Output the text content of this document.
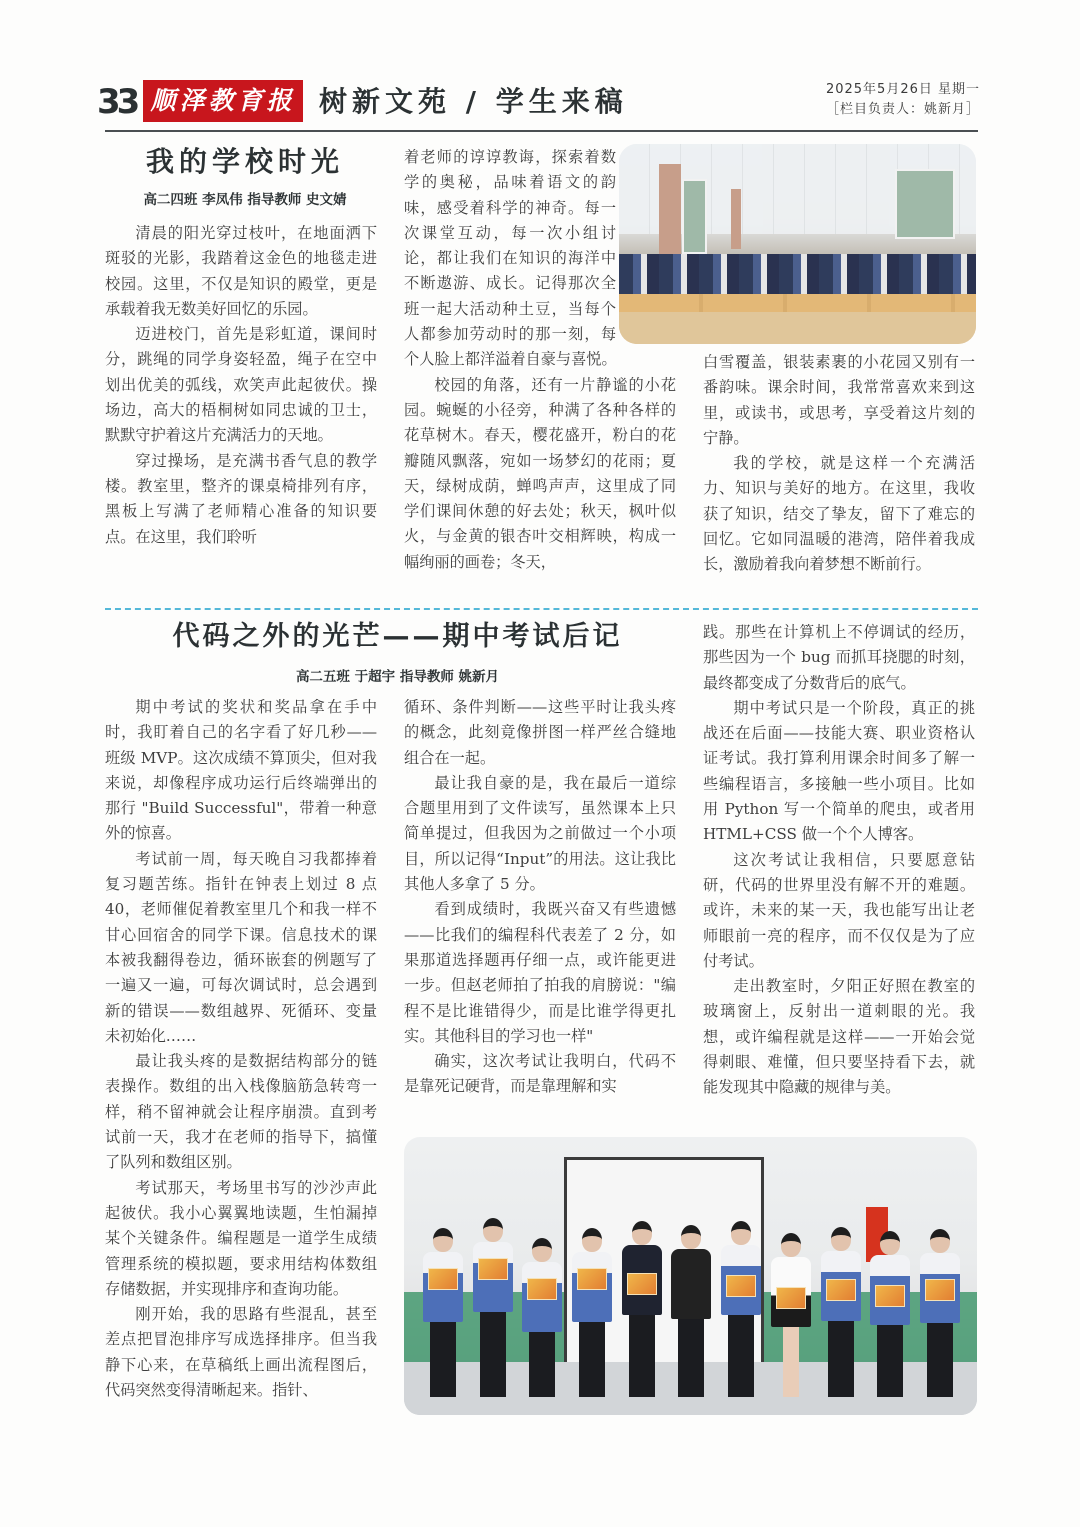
33 顺泽教育报 树新文苑 / 学生来稿	2025年5月26日 星期一
［栏目负责人：姚新月］
我的学校时光
高二四班 李凤伟 指导教师 史文婧

清晨的阳光穿过枝叶，在地面洒下斑驳的光影，我踏着这金色的地毯走进校园。这里，不仅是知识的殿堂，更是承载着我无数美好回忆的乐园。

迈进校门，首先是彩虹道，课间时分，跳绳的同学身姿轻盈，绳子在空中划出优美的弧线，欢笑声此起彼伏。操场边，高大的梧桐树如同忠诚的卫士，默默守护着这片充满活力的天地。

穿过操场，是充满书香气息的教学楼。教室里，整齐的课桌椅排列有序，黑板上写满了老师精心准备的知识要点。在这里，我们聆听

着老师的谆谆教诲，探索着数学的奥秘，品味着语文的韵味，感受着科学的神奇。每一次课堂互动，每一次小组讨论，都让我们在知识的海洋中不断遨游、成长。记得那次全班一起大活动种土豆，当每个人都参加劳动时的那一刻，每个人脸上都洋溢着自豪与喜悦。

校园的角落，还有一片静谧的小花园。蜿蜒的小径旁，种满了各种各样的花草树木。春天，樱花盛开，粉白的花瓣随风飘落，宛如一场梦幻的花雨；夏天，绿树成荫，蝉鸣声声，这里成了同学们课间休憩的好去处；秋天，枫叶似火，与金黄的银杏叶交相辉映，构成一幅绚丽的画卷；冬天，

白雪覆盖，银装素裹的小花园又别有一番韵味。课余时间，我常常喜欢来到这里，或读书，或思考，享受着这片刻的宁静。

我的学校，就是这样一个充满活力、知识与美好的地方。在这里，我收获了知识，结交了挚友，留下了难忘的回忆。它如同温暖的港湾，陪伴着我成长，激励着我向着梦想不断前行。

代码之外的光芒——期中考试后记
高二五班 于超宇 指导教师 姚新月

期中考试的奖状和奖品拿在手中时，我盯着自己的名字看了好几秒——班级 MVP。这次成绩不算顶尖，但对我来说，却像程序成功运行后终端弹出的那行 "Build Successful"，带着一种意外的惊喜。

考试前一周，每天晚自习我都捧着复习题苦练。指针在钟表上划过 8 点 40，老师催促着教室里几个和我一样不甘心回宿舍的同学下课。信息技术的课本被我翻得卷边，循环嵌套的例题写了一遍又一遍，可每次调试时，总会遇到新的错误——数组越界、死循环、变量未初始化……

最让我头疼的是数据结构部分的链表操作。数组的出入栈像脑筋急转弯一样，稍不留神就会让程序崩溃。直到考试前一天，我才在老师的指导下，搞懂了队列和数组区别。

考试那天，考场里书写的沙沙声此起彼伏。我小心翼翼地读题，生怕漏掉某个关键条件。编程题是一道学生成绩管理系统的模拟题，要求用结构体数组存储数据，并实现排序和查询功能。

刚开始，我的思路有些混乱，甚至差点把冒泡排序写成选择排序。但当我静下心来，在草稿纸上画出流程图后，代码突然变得清晰起来。指针、

循环、条件判断——这些平时让我头疼的概念，此刻竟像拼图一样严丝合缝地组合在一起。

最让我自豪的是，我在最后一道综合题里用到了文件读写，虽然课本上只简单提过，但我因为之前做过一个小项目，所以记得“Input”的用法。这让我比其他人多拿了 5 分。

看到成绩时，我既兴奋又有些遗憾——比我们的编程科代表差了 2 分，如果那道选择题再仔细一点，或许能更进一步。但赵老师拍了拍我的肩膀说："编程不是比谁错得少，而是比谁学得更扎实。其他科目的学习也一样"

确实，这次考试让我明白，代码不是靠死记硬背，而是靠理解和实

践。那些在计算机上不停调试的经历，那些因为一个 bug 而抓耳挠腮的时刻，最终都变成了分数背后的底气。

期中考试只是一个阶段，真正的挑战还在后面——技能大赛、职业资格认证考试。我打算利用课余时间多了解一些编程语言，多接触一些小项目。比如用 Python 写一个简单的爬虫，或者用 HTML+CSS 做一个个人博客。

这次考试让我相信，只要愿意钻研，代码的世界里没有解不开的难题。或许，未来的某一天，我也能写出让老师眼前一亮的程序，而不仅仅是为了应付考试。

走出教室时，夕阳正好照在教室的玻璃窗上，反射出一道刺眼的光。我想，或许编程就是这样——一开始会觉得刺眼、难懂，但只要坚持看下去，就能发现其中隐藏的规律与美。
